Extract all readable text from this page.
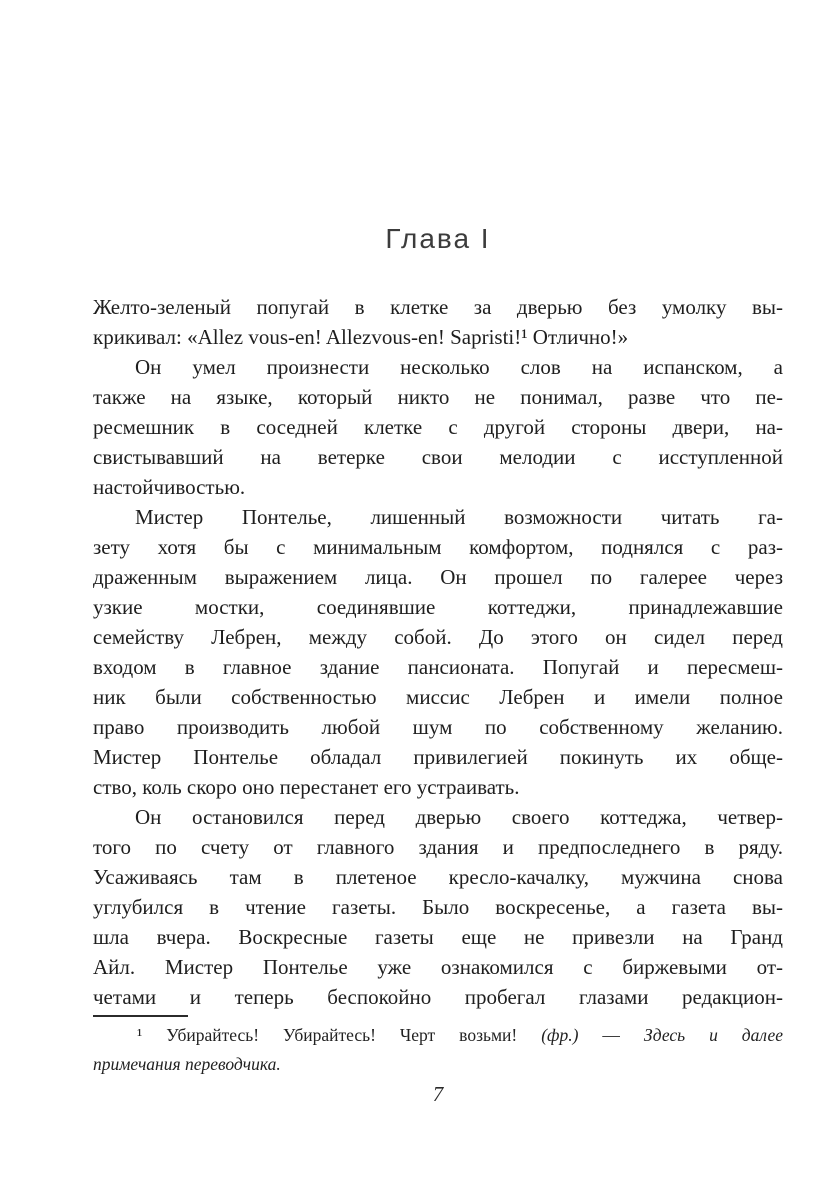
Глава I
Желто-зеленый попугай в клетке за дверью без умолку вы-
крикивал: «Allez vous-en! Allezvous-en! Sapristi!¹ Отлично!»
Он умел произнести несколько слов на испанском, а
также на языке, который никто не понимал, разве что пе-
ресмешник в соседней клетке с другой стороны двери, на-
свистывавший на ветерке свои мелодии с исступленной
настойчивостью.
Мистер Понтелье, лишенный возможности читать га-
зету хотя бы с минимальным комфортом, поднялся с раз-
драженным выражением лица. Он прошел по галерее через
узкие мостки, соединявшие коттеджи, принадлежавшие
семейству Лебрен, между собой. До этого он сидел перед
входом в главное здание пансионата. Попугай и пересмеш-
ник были собственностью миссис Лебрен и имели полное
право производить любой шум по собственному желанию.
Мистер Понтелье обладал привилегией покинуть их обще-
ство, коль скоро оно перестанет его устраивать.
Он остановился перед дверью своего коттеджа, четвер-
того по счету от главного здания и предпоследнего в ряду.
Усаживаясь там в плетеное кресло-качалку, мужчина снова
углубился в чтение газеты. Было воскресенье, а газета вы-
шла вчера. Воскресные газеты еще не привезли на Гранд
Айл. Мистер Понтелье уже ознакомился с биржевыми от-
четами и теперь беспокойно пробегал глазами редакцион-
¹ Убирайтесь! Убирайтесь! Черт возьми! (фр.) — Здесь и далее
примечания переводчика.
7
